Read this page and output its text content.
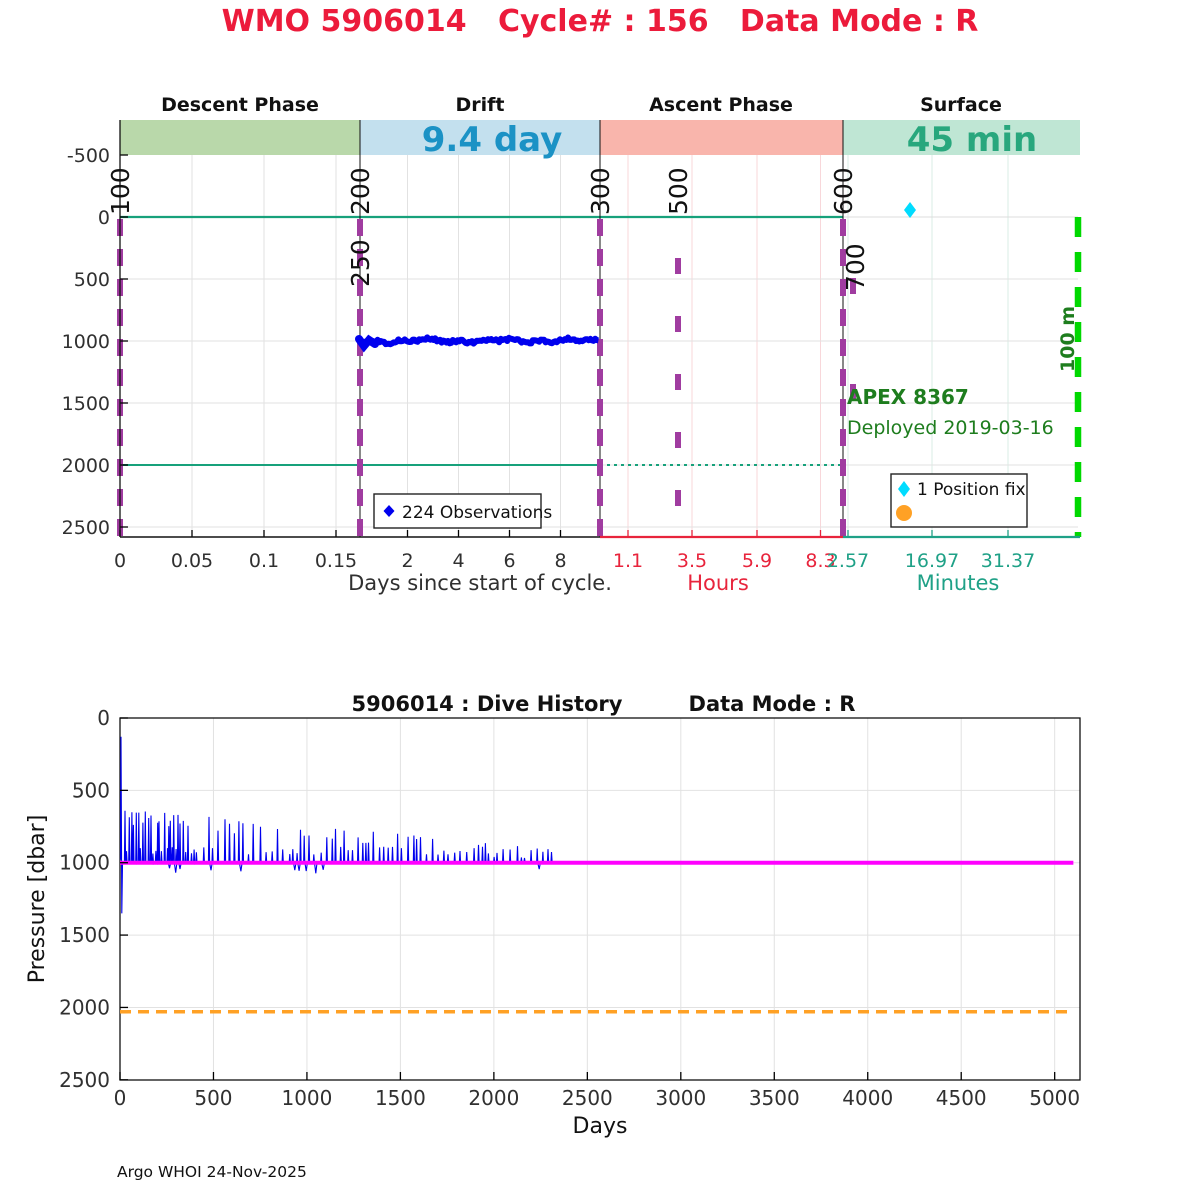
WMO 5906014   Cycle# : 156   Data Mode : R
100	200
250
300 500	600
700
100 m
Descent Phase	Drift	Ascent Phase	Surface
9.4 day	45 min
APEX 8367
Deployed 2019-03-16
0 0.05 0.1 0.15 2 4 6 8 1.1 3.5 5.9 8.3
2.57 16.97 31.37
-500
0
500
1000
1500
2000
2500
Days since start of cycle.	Hours	Minutes
224 Observations
1 Position fix
0	500 1000 1500 2000 2500 3000 3500 4000 4500 5000
0
500
1000
1500
2000
2500
5906014 : Dive History	Data Mode : R
Pressure [dbar]
Days
Argo WHOI 24-Nov-2025
